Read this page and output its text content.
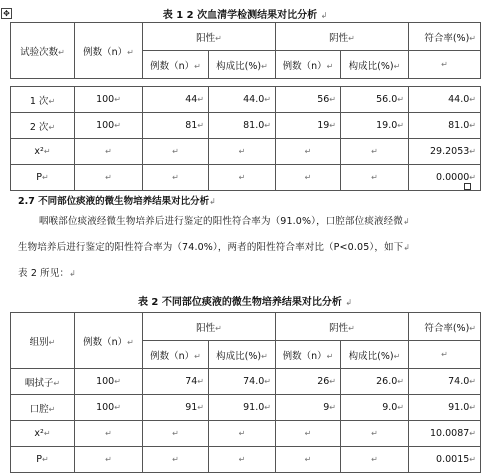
✥	表 1 2 次血清学检测结果对比分析 ↲
试验次数↵	例数（n）↵	阳性↵		阴性↵		符合率(%)↵
		例数（n）↵	构成比(%)↵	例数（n）↵	构成比(%)↵	↵
1 次↵	100↵	44↵	44.0↵	56↵	56.0↵	44.0↵
2 次↵	100↵	81↵	81.0↵	19↵	19.0↵	81.0↵
x²↵	↵	↵	↵	↵	↵	29.2053↵
P↵	↵	↵	↵	↵	↵	0.0000↵
2.7 不同部位痰液的微生物培养结果对比分析↲
咽喉部位痰液经微生物培养后进行鉴定的阳性符合率为（91.0%），口腔部位痰液经微↲
生物培养后进行鉴定的阳性符合率为（74.0%），两者的阳性符合率对比（P<0.05），如下↲
表 2 所见：↲
表 2 不同部位痰液的微生物培养结果对比分析 ↲
组别↵	例数（n）↵	阳性↵		阴性↵		符合率(%)↵
		例数（n）↵	构成比(%)↵	例数（n）↵	构成比(%)↵	↵
咽拭子↵	100↵	74↵	74.0↵	26↵	26.0↵	74.0↵
口腔↵	100↵	91↵	91.0↵	9↵	9.0↵	91.0↵
x²↵	↵	↵	↵	↵	↵	10.0087↵
P↵	↵	↵	↵	↵	↵	0.0015↵
